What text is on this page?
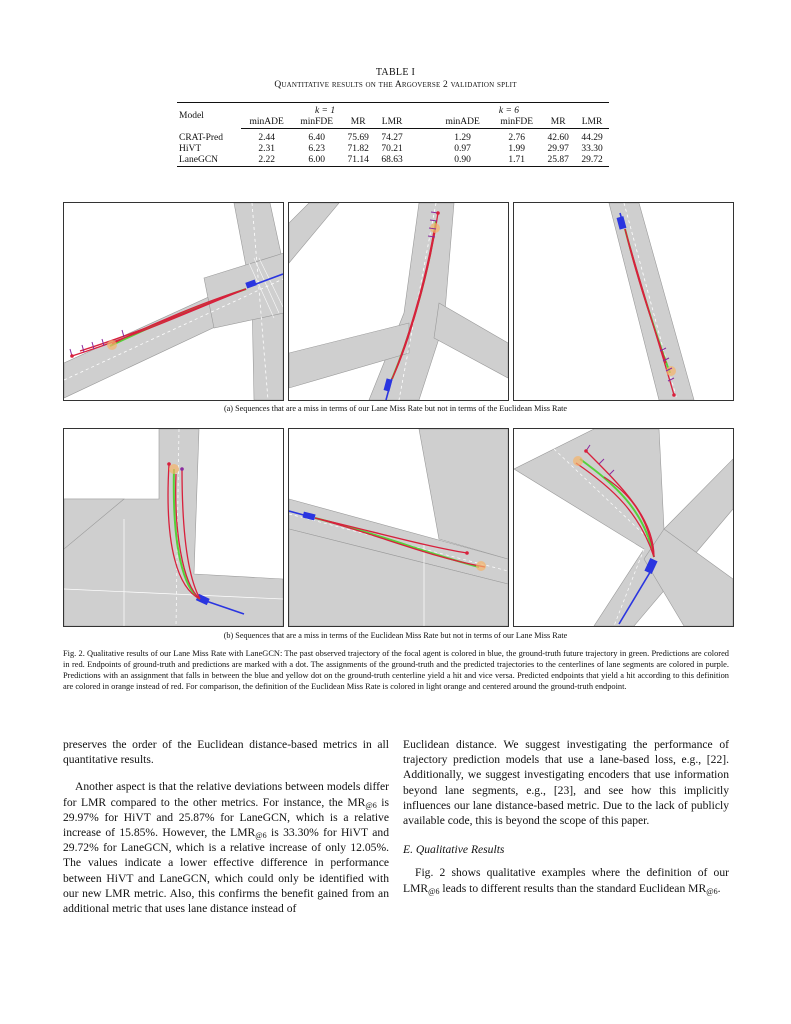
TABLE I
Quantitative results on the Argoverse 2 validation split
Model	k = 1				k = 6			
	minADE	minFDE	MR	LMR	minADE	minFDE	MR	LMR
CRAT-Pred	2.44	6.40	75.69	74.27	1.29	2.76	42.60	44.29
HiVT	2.31	6.23	71.82	70.21	0.97	1.99	29.97	33.30
LaneGCN	2.22	6.00	71.14	68.63	0.90	1.71	25.87	29.72
(a) Sequences that are a miss in terms of our Lane Miss Rate but not in terms of the Euclidean Miss Rate
(b) Sequences that are a miss in terms of the Euclidean Miss Rate but not in terms of our Lane Miss Rate
Fig. 2. Qualitative results of our Lane Miss Rate with LaneGCN: The past observed trajectory of the focal agent is colored in blue, the ground-truth future trajectory in green. Predictions are colored in red. Endpoints of ground-truth and predictions are marked with a dot. The assignments of the ground-truth and the predicted trajectories to the centerlines of lane segments are colored in purple. Predictions with an assignment that falls in between the blue and yellow dot on the ground-truth centerline yield a hit and vice versa. Predicted endpoints that yield a hit according to this definition are colored in orange instead of red. For comparison, the definition of the Euclidean Miss Rate is colored in light orange and centered around the ground-truth endpoint.

preserves the order of the Euclidean distance-based metrics in all quantitative results.

Another aspect is that the relative deviations between models differ for LMR compared to the other metrics. For instance, the $MR_{@6}$ is 29.97% for HiVT and 25.87% for LaneGCN, which is a relative increase of 15.85%. However, the $LMR_{@6}$ is 33.30% for HiVT and 29.72% for LaneGCN, which is a relative increase of only 12.05%. The values indicate a lower effective difference in performance between HiVT and LaneGCN, which could only be identified with our new LMR metric. Also, this confirms the benefit gained from an additional metric that uses lane distance instead of

Euclidean distance. We suggest investigating the performance of trajectory prediction models that use a lane-based loss, e.g., [22]. Additionally, we suggest investigating encoders that use information beyond lane segments, e.g., [23], and see how this implicitly influences our lane distance-based metric. Due to the lack of publicly available code, this is beyond the scope of this paper.

E. Qualitative Results

Fig. 2 shows qualitative examples where the definition of our $LMR_{@6}$ leads to different results than the standard Euclidean $MR_{@6}$.
